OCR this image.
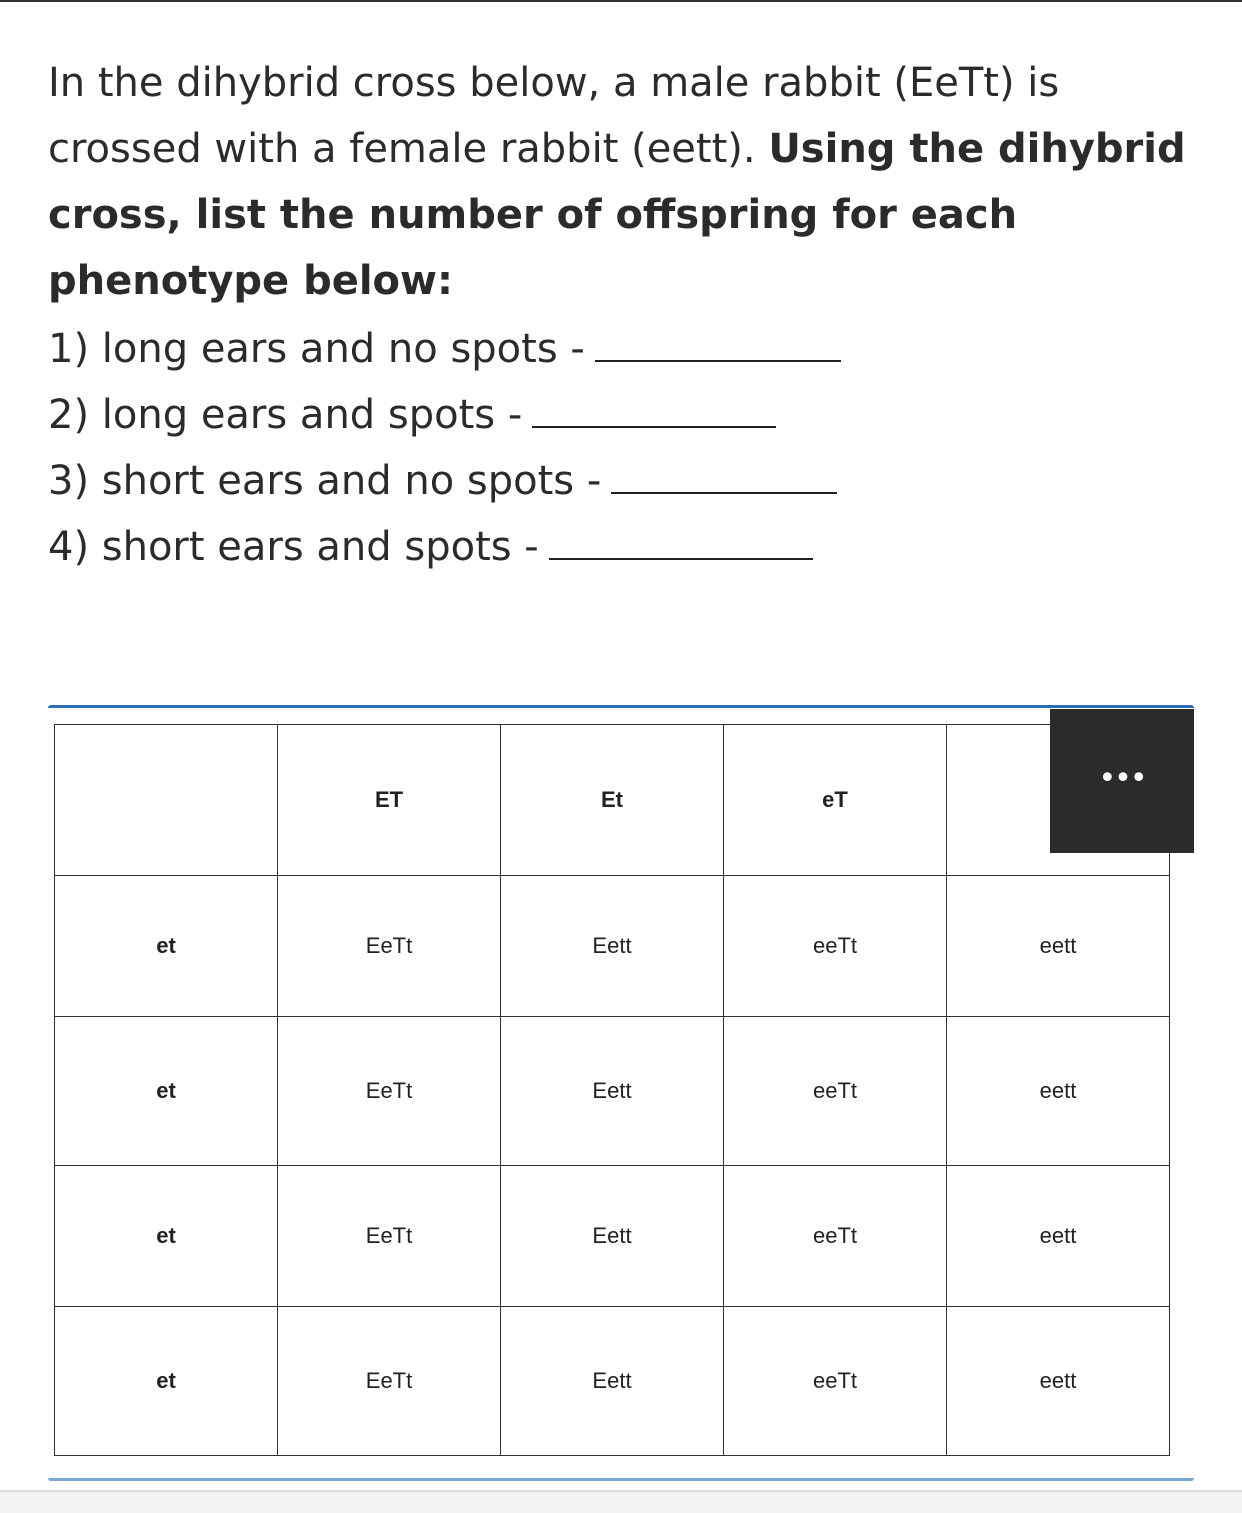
In the dihybrid cross below, a male rabbit (EeTt) is crossed with a female rabbit (eett). Using the dihybrid cross, list the number of offspring for each phenotype below:

1) long ears and no spots -
2) long ears and spots -
3) short ears and no spots -
4) short ears and spots -
	ET	Et	eT	
et	EeTt	Eett	eeTt	eett
et	EeTt	Eett	eeTt	eett
et	EeTt	Eett	eeTt	eett
et	EeTt	Eett	eeTt	eett
•••
